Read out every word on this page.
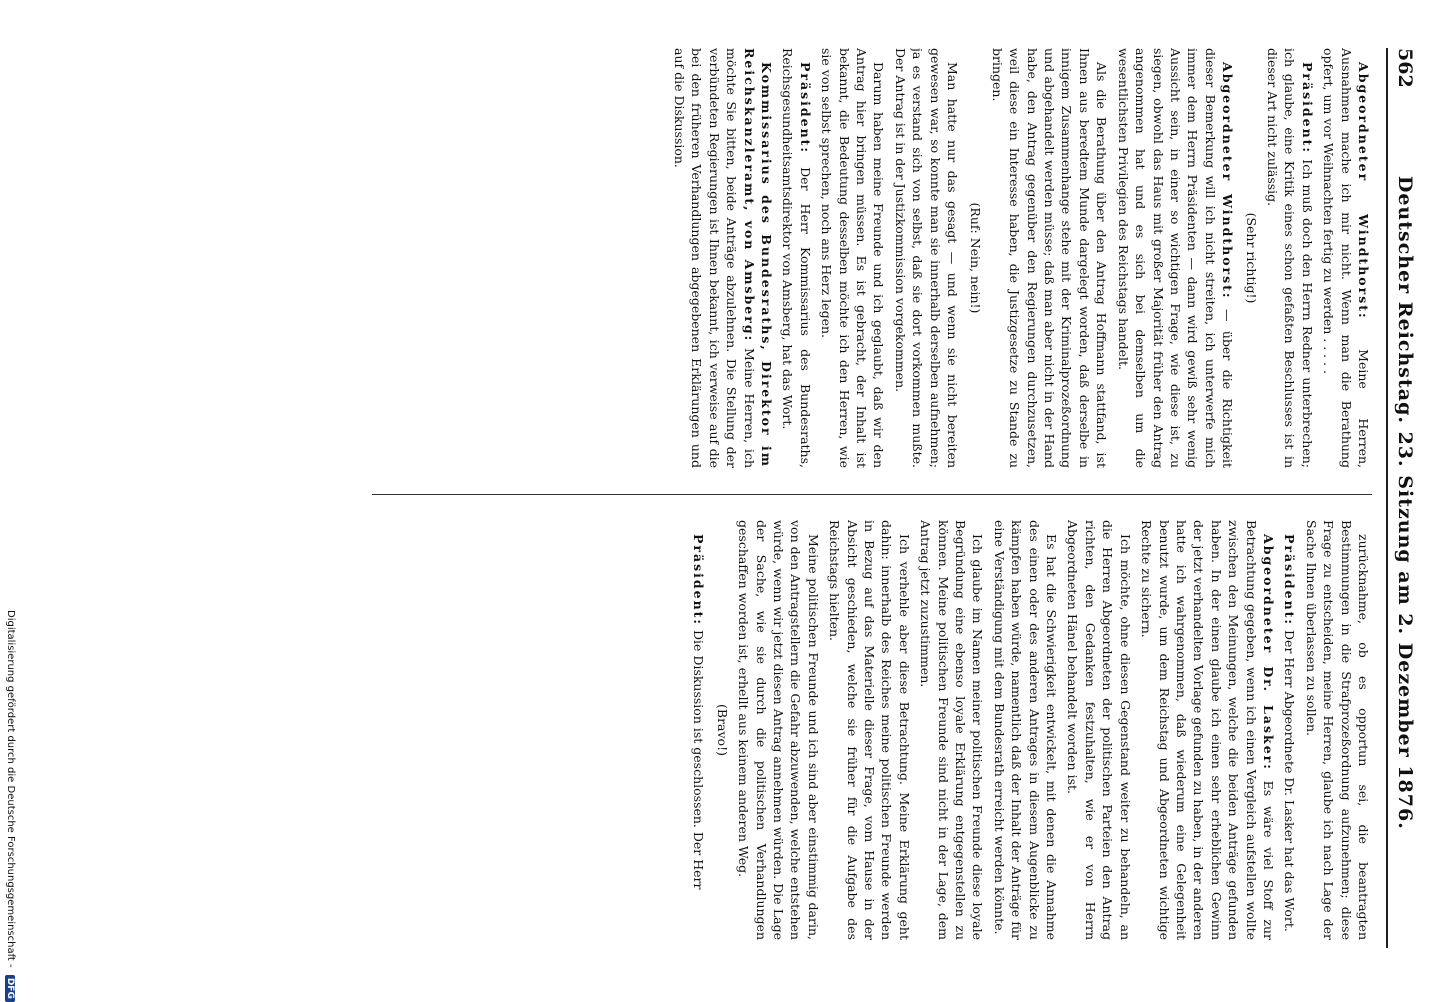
562
Deutscher Reichstag. 23. Sitzung am 2. Dezember 1876.

Abgeordneter Windthorst: Meine Herren, Ausnahmen mache ich mir nicht. Wenn man die Berathung opfert, um vor Weihnachten fertig zu werden . . . . .

Präsident: Ich muß doch den Herrn Redner unterbrechen; ich glaube, eine Kritik eines schon gefaßten Beschlusses ist in dieser Art nicht zulässig.

(Sehr richtig!)

Abgeordneter Windthorst: — über die Richtigkeit dieser Bemerkung will ich nicht streiten, ich unterwerfe mich immer dem Herrn Präsidenten — dann wird gewiß sehr wenig Aussicht sein, in einer so wichtigen Frage, wie diese ist, zu siegen, obwohl das Haus mit großer Majorität früher den Antrag angenommen hat und es sich bei demselben um die wesentlichsten Privilegien des Reichstags handelt.

Als die Berathung über den Antrag Hoffmann stattfand, ist Ihnen aus beredtem Munde dargelegt worden, daß derselbe in innigem Zusammenhange stehe mit der Kriminalprozeßordnung und abgehandelt werden müsse; daß man aber nicht in der Hand habe, den Antrag gegenüber den Regierungen durchzusetzen, weil diese ein Interesse haben, die Justizgesetze zu Stande zu bringen.

(Ruf: Nein, nein!)

Man hatte nur das gesagt — und wenn sie nicht bereiten gewesen war, so konnte man sie innerhalb derselben aufnehmen; ja es verstand sich von selbst, daß sie dort vorkommen mußte. Der Antrag ist in der Justizkommission vorgekommen.

Darum haben meine Freunde und ich geglaubt, daß wir den Antrag hier bringen müssen. Es ist gebracht, der Inhalt ist bekannt, die Bedeutung desselben möchte ich den Herren, wie sie von selbst sprechen, noch ans Herz legen.

Präsident: Der Herr Kommissarius des Bundesraths, Reichsgesundheitsamtsdirektor von Amsberg, hat das Wort.

Kommissarius des Bundesraths, Direktor im Reichskanzleramt, von Amsberg: Meine Herren, ich möchte Sie bitten, beide Anträge abzulehnen. Die Stellung der verbündeten Regierungen ist Ihnen bekannt, ich verweise auf die bei den früheren Verhandlungen abgegebenen Erklärungen und auf die Diskussion.

zurücknahme, ob es opportun sei, die beantragten Bestimmungen in die Strafprozeßordnung aufzunehmen; diese Frage zu entscheiden, meine Herren, glaube ich nach Lage der Sache Ihnen überlassen zu sollen.

Präsident: Der Herr Abgeordnete Dr. Lasker hat das Wort.

Abgeordneter Dr. Lasker: Es wäre viel Stoff zur Betrachtung gegeben, wenn ich einen Vergleich aufstellen wollte zwischen den Meinungen, welche die beiden Anträge gefunden haben. In der einen glaube ich einen sehr erheblichen Gewinn der jetzt verhandelten Vorlage gefunden zu haben, in der anderen hatte ich wahrgenommen, daß wiederum eine Gelegenheit benutzt wurde, um dem Reichstag und Abgeordneten wichtige Rechte zu sichern.

Ich möchte, ohne diesen Gegenstand weiter zu behandeln, an die Herren Abgeordneten der politischen Parteien den Antrag richten, den Gedanken festzuhalten, wie er von Herrn Abgeordneten Hänel behandelt worden ist.

Es hat die Schwierigkeit entwickelt, mit denen die Annahme des einen oder des anderen Antrages in diesem Augenblicke zu kämpfen haben würde, namentlich daß der Inhalt der Anträge für eine Verständigung mit dem Bundesrath erreicht werden könnte.

Ich glaube im Namen meiner politischen Freunde diese loyale Begründung eine ebenso loyale Erklärung entgegenstellen zu können. Meine politischen Freunde sind nicht in der Lage, dem Antrag jetzt zuzustimmen.

Ich verhehle aber diese Betrachtung. Meine Erklärung geht dahin: innerhalb des Reiches meine politischen Freunde werden in Bezug auf das Materielle dieser Frage, vom Hause in der Absicht geschieden, welche sie früher für die Aufgabe des Reichstags hielten.

Meine politischen Freunde und ich sind aber einstimmig darin, von den Antragstellern die Gefahr abzuwenden, welche entstehen würde, wenn wir jetzt diesen Antrag annehmen würden. Die Lage der Sache, wie sie durch die politischen Verhandlungen geschaffen worden ist, erhellt aus keinem anderen Weg.

(Bravo!)

Präsident: Die Diskussion ist geschlossen. Der Herr

Digitalisierung gefördert durch die Deutsche Forschungsgemeinschaft - DFG
